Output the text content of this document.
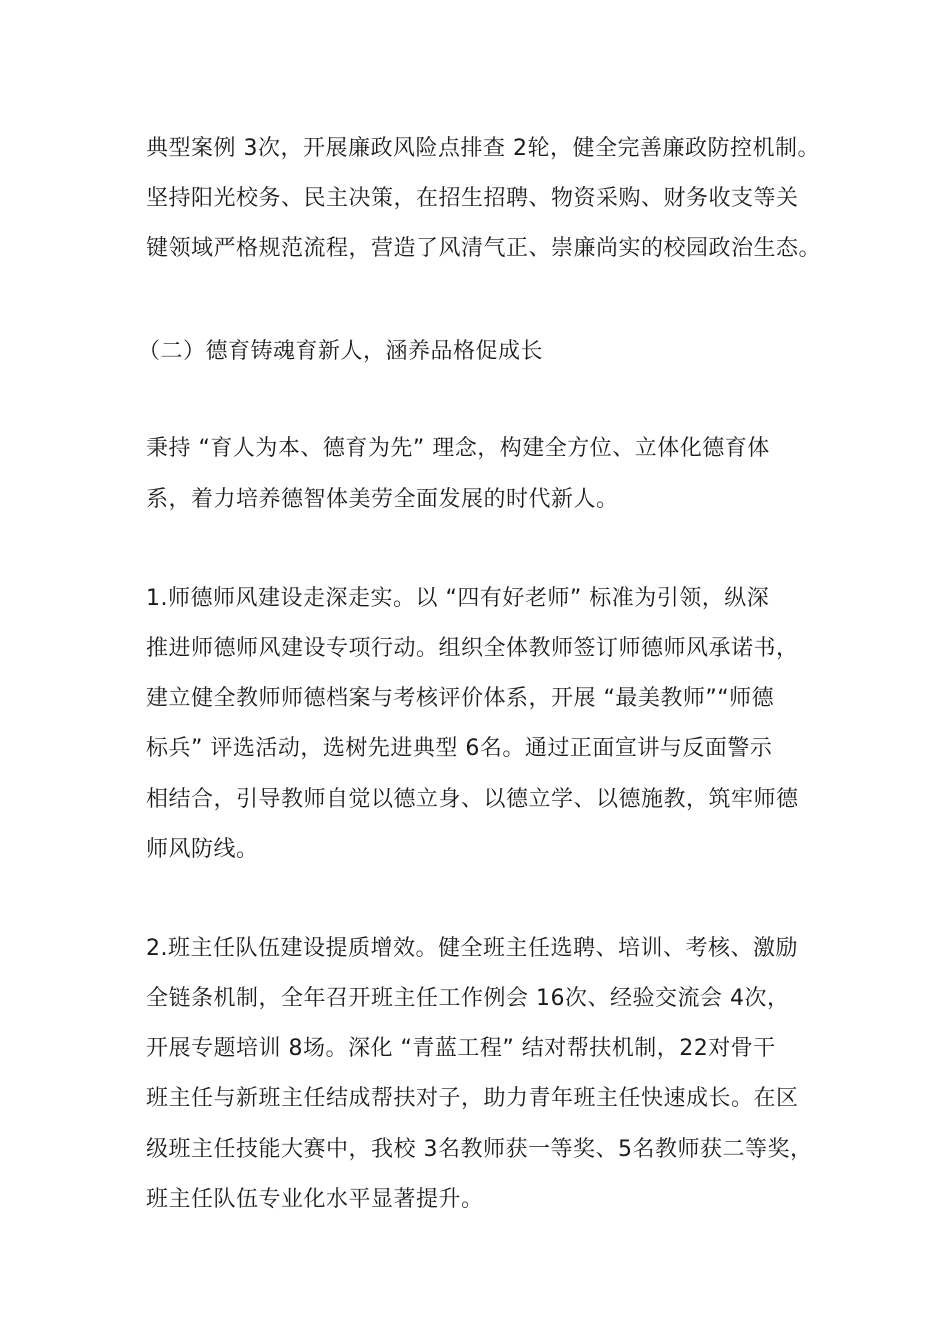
典型案例 3次，开展廉政风险点排查 2轮，健全完善廉政防控机制。
坚持阳光校务、民主决策，在招生招聘、物资采购、财务收支等关
键领域严格规范流程，营造了风清气正、崇廉尚实的校园政治生态。
（二）德育铸魂育新人，涵养品格促成长
秉持 “育人为本、德育为先” 理念，构建全方位、立体化德育体
系，着力培养德智体美劳全面发展的时代新人。
1.师德师风建设走深走实。以 “四有好老师” 标准为引领，纵深
推进师德师风建设专项行动。组织全体教师签订师德师风承诺书，
建立健全教师师德档案与考核评价体系，开展 “最美教师”“师德
标兵” 评选活动，选树先进典型 6名。通过正面宣讲与反面警示
相结合，引导教师自觉以德立身、以德立学、以德施教，筑牢师德
师风防线。
2.班主任队伍建设提质增效。健全班主任选聘、培训、考核、激励
全链条机制，全年召开班主任工作例会 16次、经验交流会 4次，
开展专题培训 8场。深化 “青蓝工程” 结对帮扶机制，22对骨干
班主任与新班主任结成帮扶对子，助力青年班主任快速成长。在区
级班主任技能大赛中，我校 3名教师获一等奖、5名教师获二等奖，
班主任队伍专业化水平显著提升。
